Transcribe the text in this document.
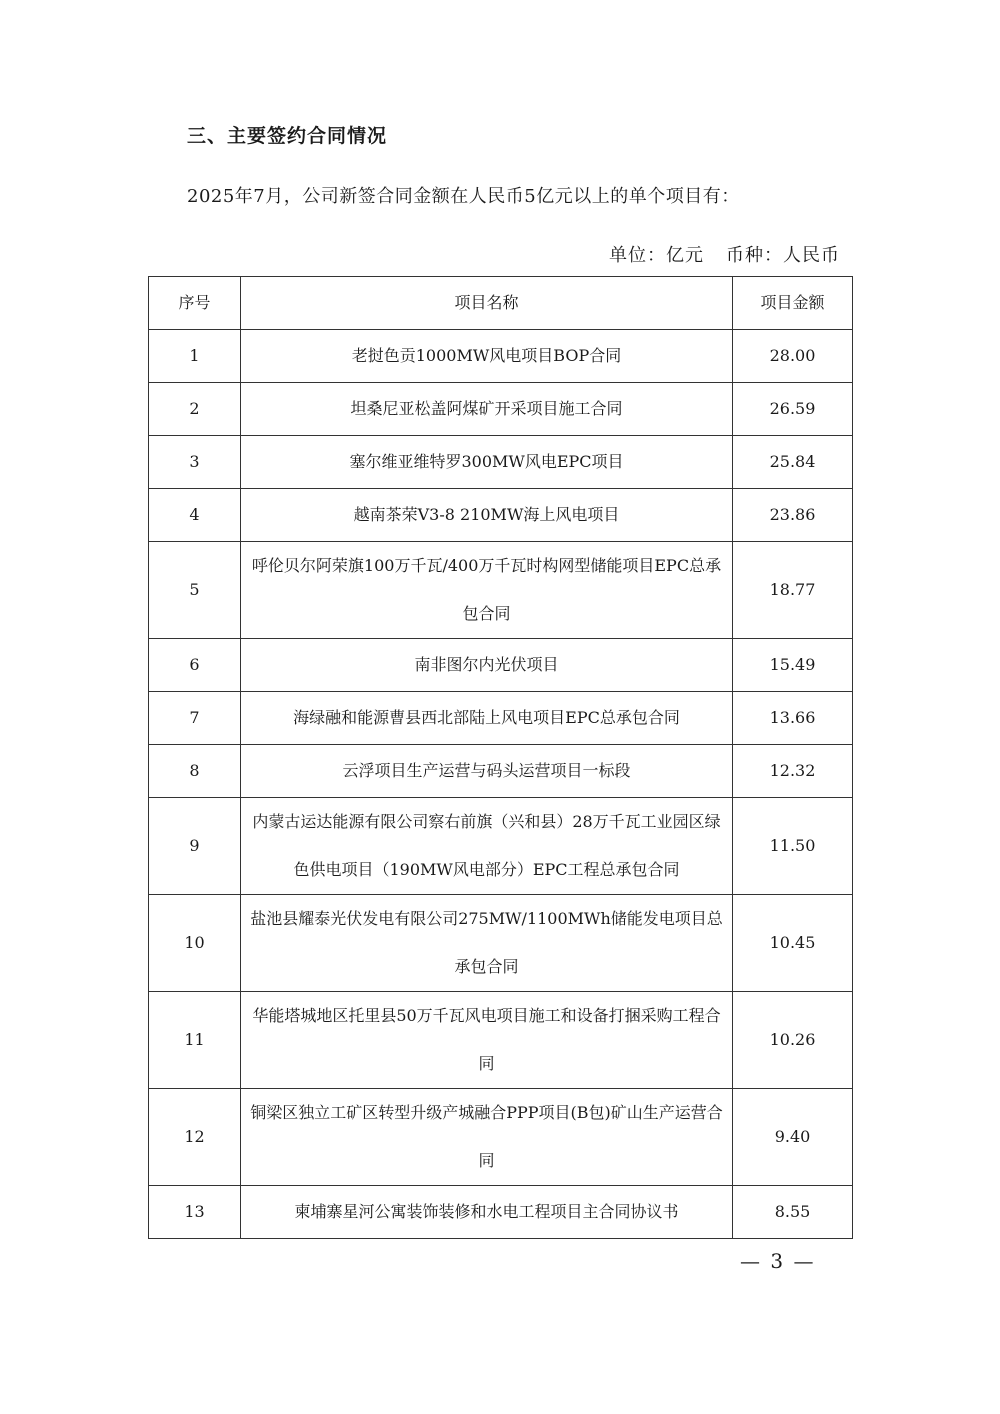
三、主要签约合同情况
2025年7月，公司新签合同金额在人民币5亿元以上的单个项目有：
单位：亿元 币种：人民币
序号	项目名称	项目金额
1	老挝色贡1000MW风电项目BOP合同	28.00
2	坦桑尼亚松盖阿煤矿开采项目施工合同	26.59
3	塞尔维亚维特罗300MW风电EPC项目	25.84
4	越南茶荣V3-8 210MW海上风电项目	23.86
5	呼伦贝尔阿荣旗100万千瓦/400万千瓦时构网型储能项目EPC总承包合同	18.77
6	南非图尔内光伏项目	15.49
7	海绿融和能源曹县西北部陆上风电项目EPC总承包合同	13.66
8	云浮项目生产运营与码头运营项目一标段	12.32
9	内蒙古运达能源有限公司察右前旗（兴和县）28万千瓦工业园区绿色供电项目（190MW风电部分）EPC工程总承包合同	11.50
10	盐池县耀泰光伏发电有限公司275MW/1100MWh储能发电项目总承包合同	10.45
11	华能塔城地区托里县50万千瓦风电项目施工和设备打捆采购工程合同	10.26
12	铜梁区独立工矿区转型升级产城融合PPP项目(B包)矿山生产运营合同	9.40
13	柬埔寨星河公寓装饰装修和水电工程项目主合同协议书	8.55
— 3 —
